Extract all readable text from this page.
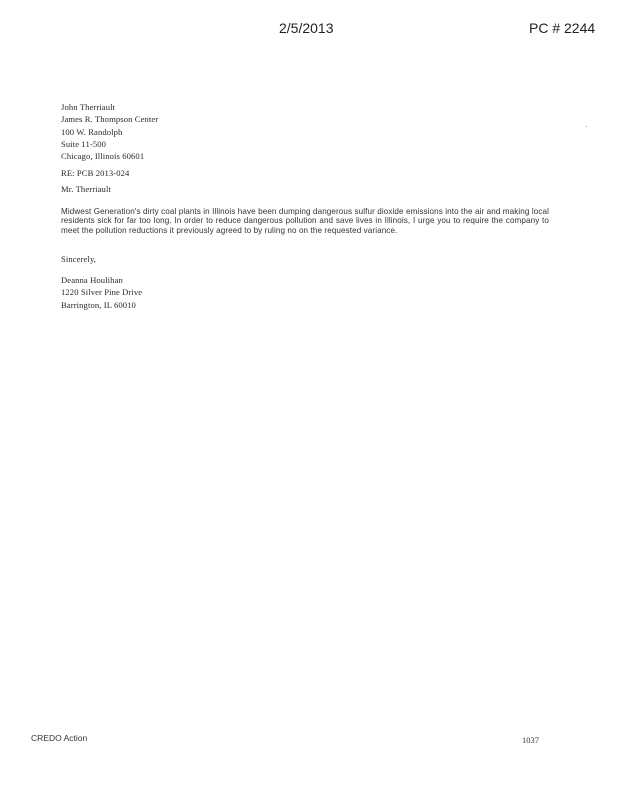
2/5/2013	PC # 2244
John Therriault
James R. Thompson Center
100 W. Randolph
Suite 11-500
Chicago, Illinois 60601
RE: PCB 2013-024
Mr. Therriault
Midwest Generation's dirty coal plants in Illinois have been dumping dangerous sulfur dioxide emissions into the air and making local residents sick for far too long. In order to reduce dangerous pollution and save lives in Illinois, I urge you to require the company to meet the pollution reductions it previously agreed to by ruling no on the requested variance.
Sincerely,
Deanna Houlihan
1220 Silver Pine Drive
Barrington, IL 60010
CREDO Action	1037
